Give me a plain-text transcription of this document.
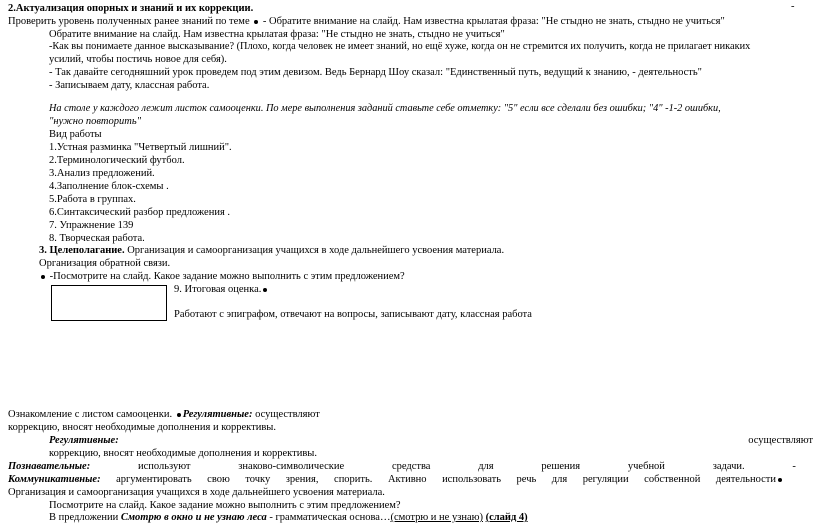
2.Актуализация опорных и знаний и их коррекции.	-
Проверить уровень полученных ранее знаний по теме  - Обратите внимание на слайд. Нам известна крылатая фраза: "Не стыдно не знать, стыдно не учиться"
Обратите внимание на слайд. Нам известна крылатая фраза: "Не стыдно не знать, стыдно не учиться"
-Как вы понимаете данное высказывание? (Плохо, когда человек не имеет знаний, но ещё хуже, когда он не стремится их получить, когда не прилагает никаких
усилий, чтобы постичь новое для себя).
- Так давайте сегодняшний урок проведем под этим девизом. Ведь Бернард Шоу сказал: "Единственный путь, ведущий к знанию, - деятельность"
- Записываем дату, классная работа.
На столе у каждого лежит листок самооценки. По мере выполнения заданий ставьте себе отметку: "5" если все сделали без ошибки; "4" -1-2 ошибки,
"нужно повторить"
Вид работы
1.Устная разминка "Четвертый лишний".
2.Терминологический футбол.
3.Анализ предложений.
4.Заполнение блок-схемы .
5.Работа в группах.
6.Синтаксический разбор предложения .
7. Упражнение 139
8. Творческая работа.
3. Целеполагание. Организация и самоорганизация учащихся в ходе дальнейшего усвоения материала.
Организация обратной связи.
-Посмотрите на слайд. Какое задание можно выполнить с этим предложением?
9. Итоговая оценка.
Работают с эпиграфом, отвечают на вопросы, записывают дату, классная работа
Ознакомление с листом самооценки. Регулятивные: осуществляют
коррекцию, вносят необходимые дополнения и коррективы.
Регулятивные:	осуществляют
коррекцию, вносят необходимые дополнения и коррективы.
Познавательные:	используют	знаково-символические	средства	для	решения	учебной	задачи.	-
Коммуникативные: аргументировать свою точку зрения, спорить. Активно использовать речь для регуляции собственной деятельности
Организация и самоорганизация учащихся в ходе дальнейшего усвоения материала.
Посмотрите на слайд. Какое задание можно выполнить с этим предложением?
В предложении Смотрю в окно и не узнаю леса - грамматическая основа…(смотрю и не узнаю) (слайд 4)
